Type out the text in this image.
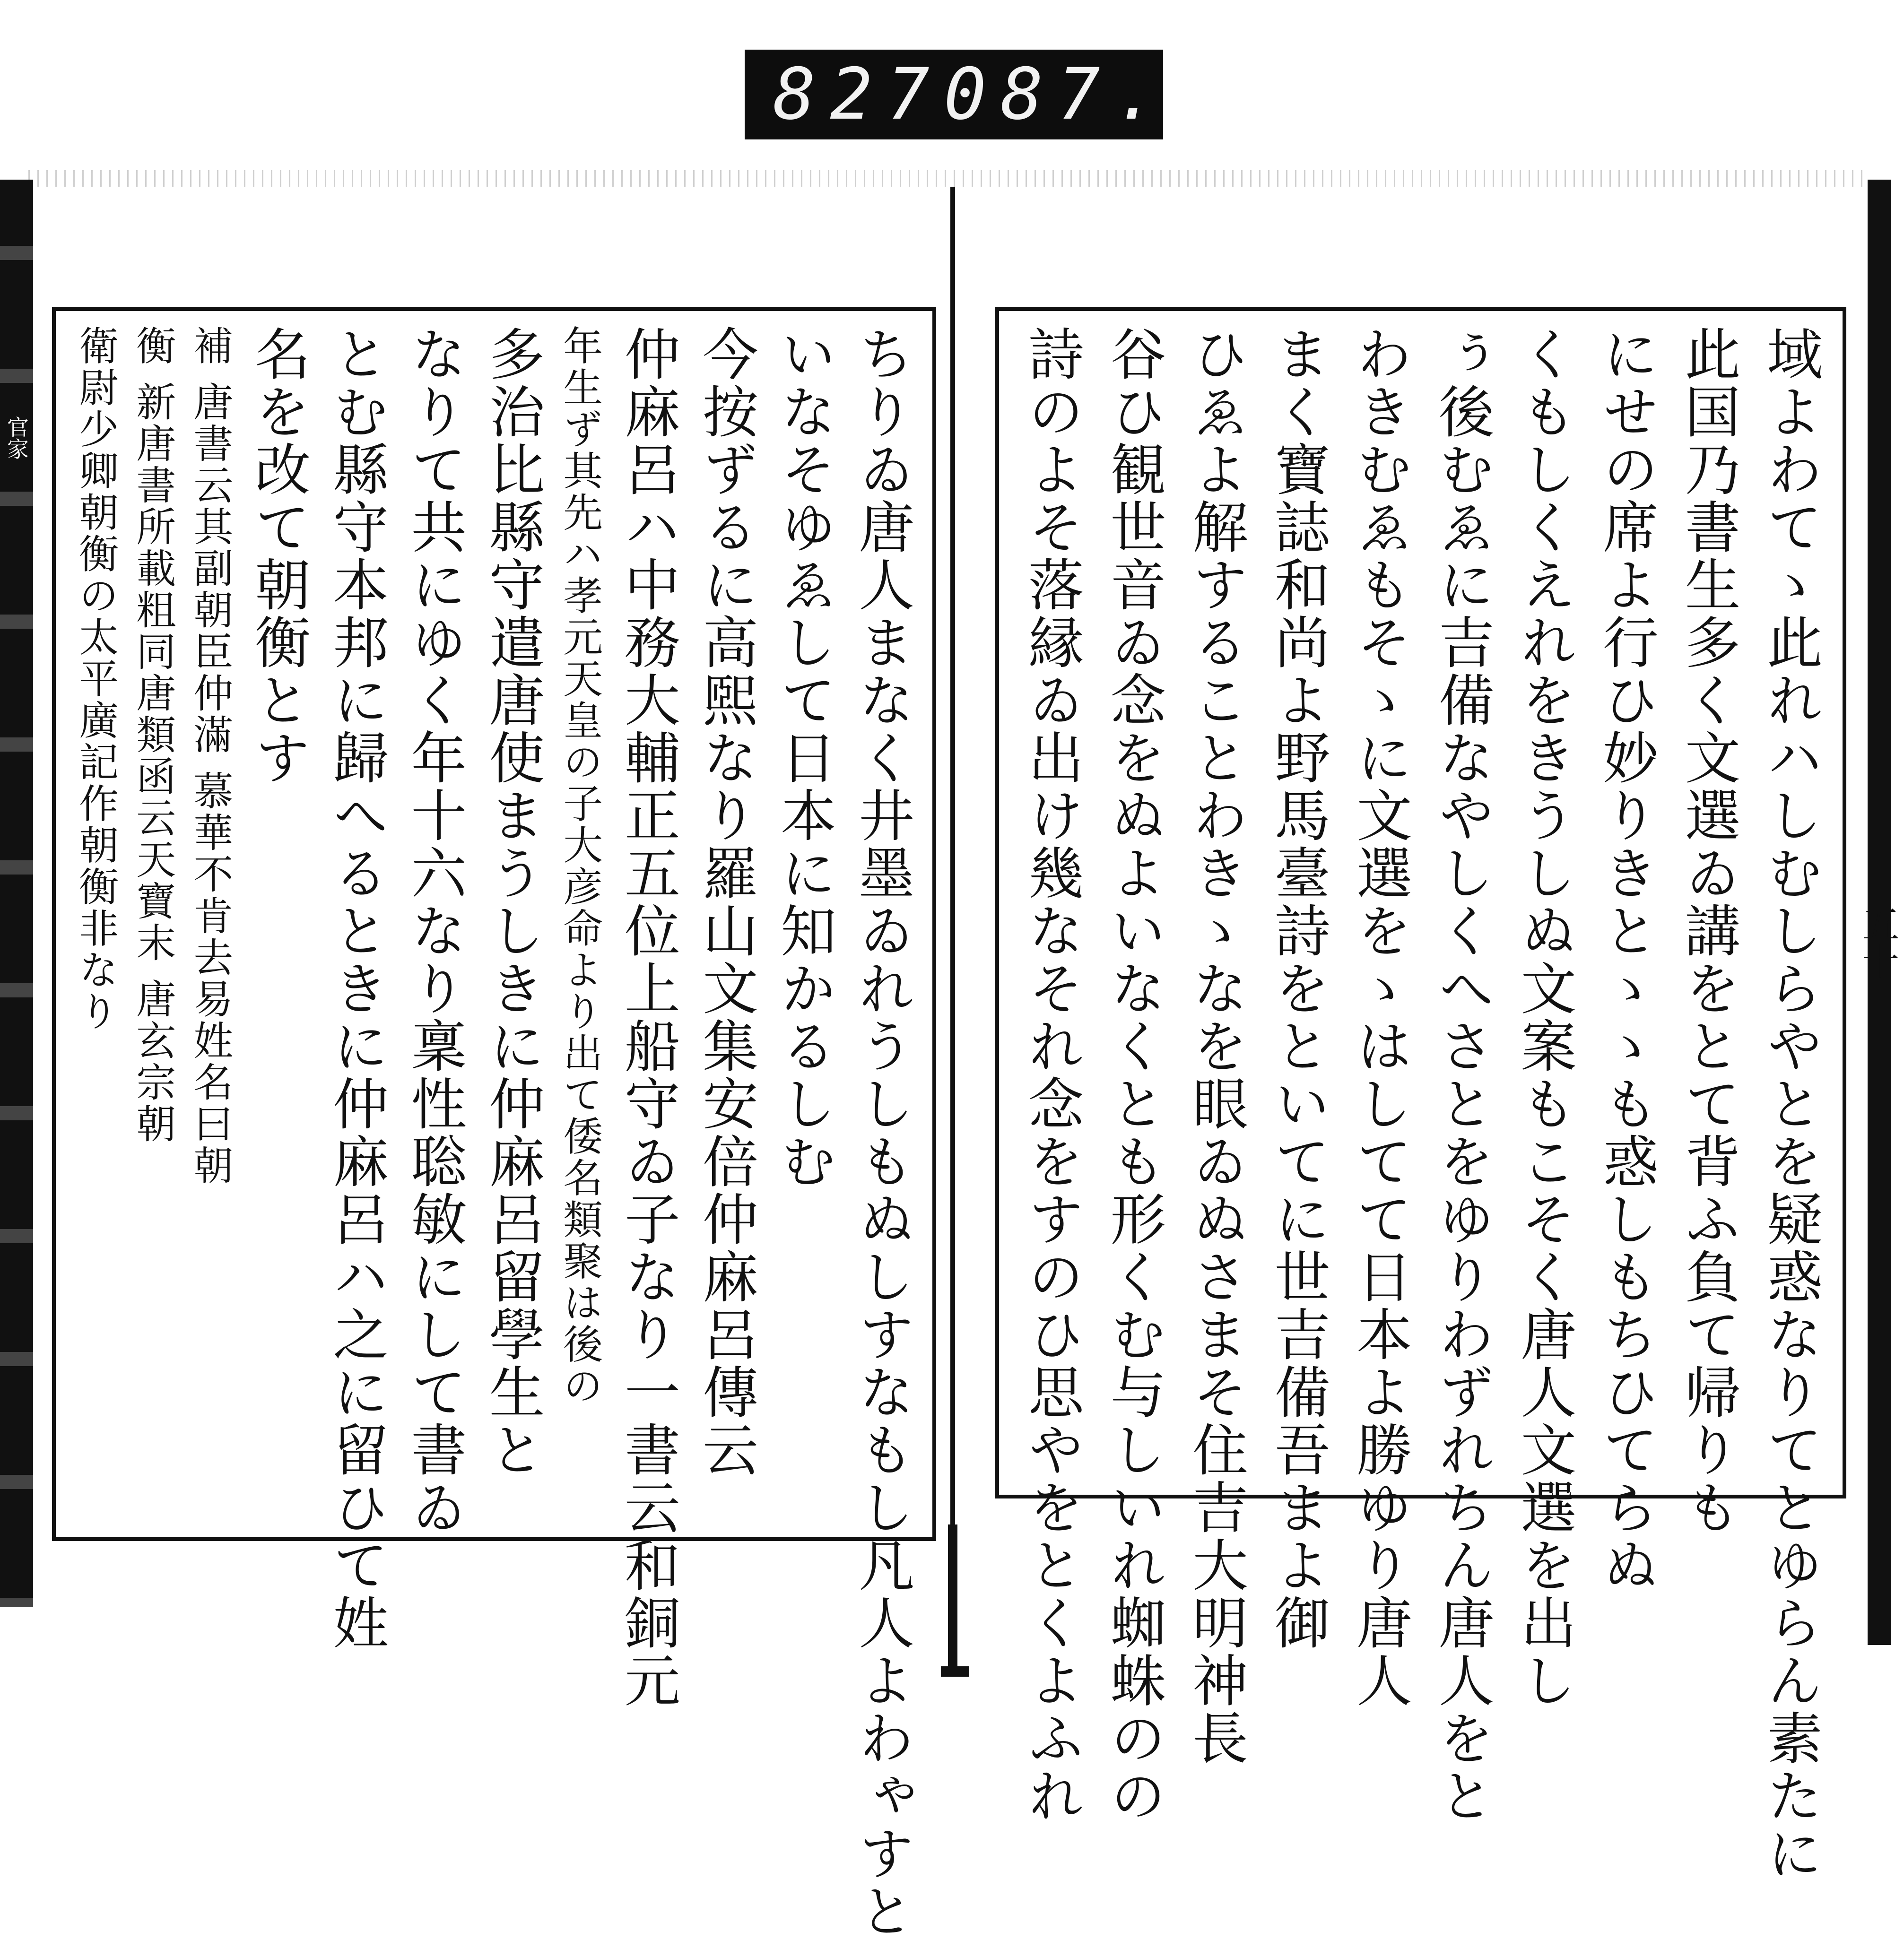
827 087.
官家	ちりゐ唐人まなく井墨ゐれうしもぬしすなもし凡人よわゃすと
いなそゆゑして日本に知かるしむ
今按ずるに高煕なり羅山文集安倍仲麻呂傳云
仲麻呂ハ中務大輔正五位上船守ゐ子なり一書云和銅元
年生ず其先ハ孝元天皇の子大彦命より出て倭名類聚は後の
多治比縣守遣唐使まうしきに仲麻呂留學生と
なりて共にゆく年十六なり稟性聡敏にして書ゐ
とむ縣守本邦に歸へるときに仲麻呂ハ之に留ひて姓
名を改て朝衡とす
補 唐書云其副朝臣仲滿 慕華不肯去易姓名曰朝
衡 新唐書所載粗同唐類函云天寶末 唐玄宗朝
衛尉少卿朝衡の太平廣記作朝衡非なり	域よわてゝ此れハしむしらやとを疑惑なりてとゆらん素たに
此国乃書生多く文選ゐ講をとて背ふ負て帰りも
にせの席よ行ひ妙りきとゝゝも惑しもちひてらぬ
くもしくえれをきうしぬ文案もこそく唐人文選を出し
ぅ後むゑに吉備なやしくへさとをゆりわずれちん唐人をと
わきむゑもそゝに文選をゝはしてて日本よ勝ゆり唐人
まく寶誌和尚よ野馬臺詩をといてに世吉備吾まよ御
ひゑよ解することわきゝなを眼ゐぬさまそ住吉大明神長
谷ひ観世音ゐ念をぬよいなくとも形くむ与しいれ蜘蛛のの
詩のよそ落縁ゐ出け幾なそれ念をすのひ思やをとくよふれ	五十
